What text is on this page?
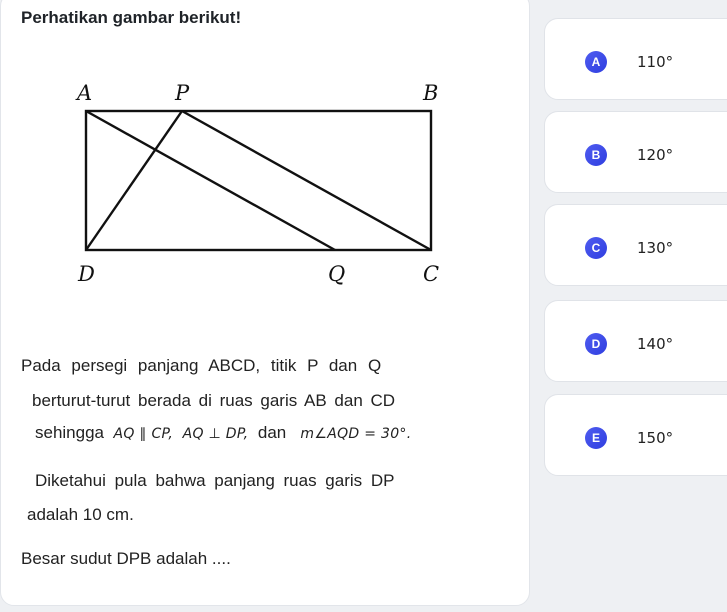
Perhatikan gambar berikut!
A	P	B
D	Q	C
Pada persegi panjang ABCD, titik P dan Q
berturut-turut berada di ruas garis AB dan CD
sehingga AQ ∥ CP, AQ ⊥ DP, dan m∠AQD = 30°.
Diketahui pula bahwa panjang ruas garis DP
adalah 10 cm.
Besar sudut DPB adalah ....
A	110°
B	120°
C	130°
D	140°
E	150°
